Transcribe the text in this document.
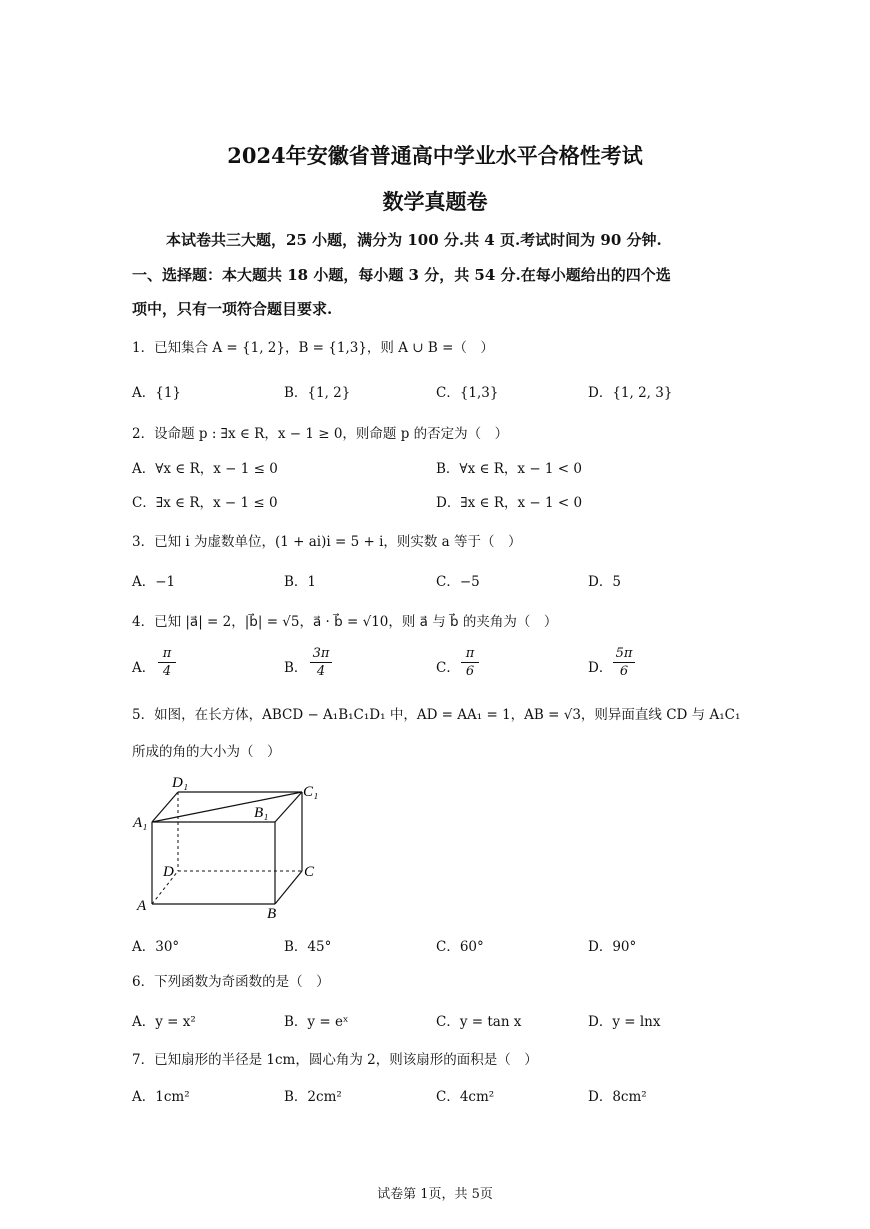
2024年安徽省普通高中学业水平合格性考试
数学真题卷
本试卷共三大题，25 小题，满分为 100 分.共 4 页.考试时间为 90 分钟.
一、选择题：本大题共 18 小题，每小题 3 分，共 54 分.在每小题给出的四个选
项中，只有一项符合题目要求.
1．已知集合 A = {1, 2}，B = {1,3}，则 A ∪ B =（　）
A．{1}	B．{1, 2}	C．{1,3}	D．{1, 2, 3}
2．设命题 p : ∃x ∈ R，x − 1 ≥ 0，则命题 p 的否定为（　）
A．∀x ∈ R，x − 1 ≤ 0	B．∀x ∈ R，x − 1 < 0
C．∃x ∈ R，x − 1 ≤ 0	D．∃x ∈ R，x − 1 < 0
3．已知 i 为虚数单位，(1 + ai)i = 5 + i，则实数 a 等于（　）
A．−1	B．1	C．−5	D．5
4．已知 |a⃗| = 2，|b⃗| = √5，a⃗ · b⃗ = √10，则 a⃗ 与 b⃗ 的夹角为（　）
A．
π
4	B．
3π
4	C．
π
6	D．
5π
6
5．如图，在长方体，ABCD − A₁B₁C₁D₁ 中，AD = AA₁ = 1，AB = √3，则异面直线 CD 与 A₁C₁
所成的角的大小为（　）
D₁
C₁
B₁
A₁
D	C
A	B
A．30°	B．45°	C．60°	D．90°
6．下列函数为奇函数的是（　）
A．y = x²	B．y = eˣ	C．y = tan x	D．y = lnx
7．已知扇形的半径是 1cm，圆心角为 2，则该扇形的面积是（　）
A．1cm²	B．2cm²	C．4cm²	D．8cm²
试卷第 1页，共 5页
